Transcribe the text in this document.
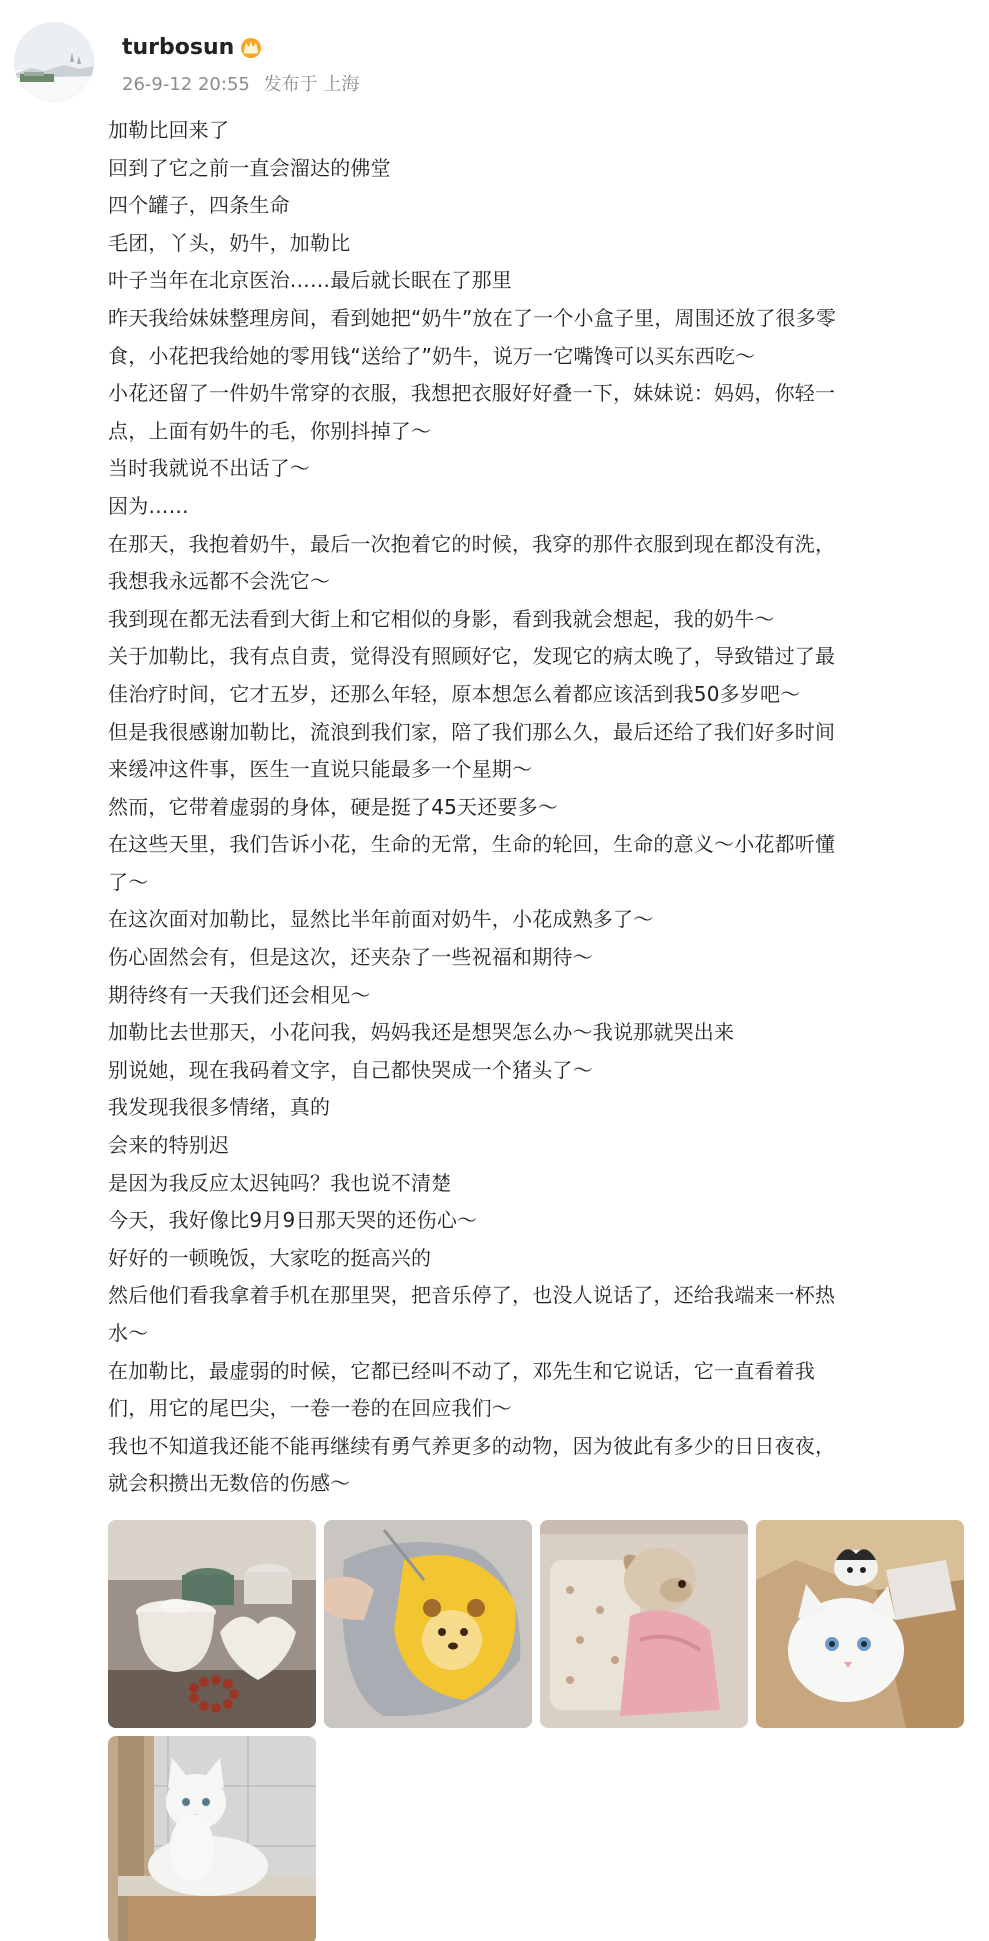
turbosun
26-9-12 20:55 发布于 上海
加勒比回来了
回到了它之前一直会溜达的佛堂
四个罐子，四条生命
毛团，丫头，奶牛，加勒比
叶子当年在北京医治……最后就长眠在了那里
昨天我给妹妹整理房间，看到她把“奶牛”放在了一个小盒子里，周围还放了很多零
食，小花把我给她的零用钱“送给了”奶牛，说万一它嘴馋可以买东西吃～
小花还留了一件奶牛常穿的衣服，我想把衣服好好叠一下，妹妹说：妈妈，你轻一
点，上面有奶牛的毛，你别抖掉了～
当时我就说不出话了～
因为……
在那天，我抱着奶牛，最后一次抱着它的时候，我穿的那件衣服到现在都没有洗，
我想我永远都不会洗它～
我到现在都无法看到大街上和它相似的身影，看到我就会想起，我的奶牛～
关于加勒比，我有点自责，觉得没有照顾好它，发现它的病太晚了，导致错过了最
佳治疗时间，它才五岁，还那么年轻，原本想怎么着都应该活到我50多岁吧～
但是我很感谢加勒比，流浪到我们家，陪了我们那么久，最后还给了我们好多时间
来缓冲这件事，医生一直说只能最多一个星期～
然而，它带着虚弱的身体，硬是挺了45天还要多～
在这些天里，我们告诉小花，生命的无常，生命的轮回，生命的意义～小花都听懂
了～
在这次面对加勒比，显然比半年前面对奶牛，小花成熟多了～
伤心固然会有，但是这次，还夹杂了一些祝福和期待～
期待终有一天我们还会相见～
加勒比去世那天，小花问我，妈妈我还是想哭怎么办～我说那就哭出来
别说她，现在我码着文字，自己都快哭成一个猪头了～
我发现我很多情绪，真的
会来的特别迟
是因为我反应太迟钝吗？我也说不清楚
今天，我好像比9月9日那天哭的还伤心～
好好的一顿晚饭，大家吃的挺高兴的
然后他们看我拿着手机在那里哭，把音乐停了，也没人说话了，还给我端来一杯热
水～
在加勒比，最虚弱的时候，它都已经叫不动了，邓先生和它说话，它一直看着我
们，用它的尾巴尖，一卷一卷的在回应我们～
我也不知道我还能不能再继续有勇气养更多的动物，因为彼此有多少的日日夜夜，
就会积攒出无数倍的伤感～
